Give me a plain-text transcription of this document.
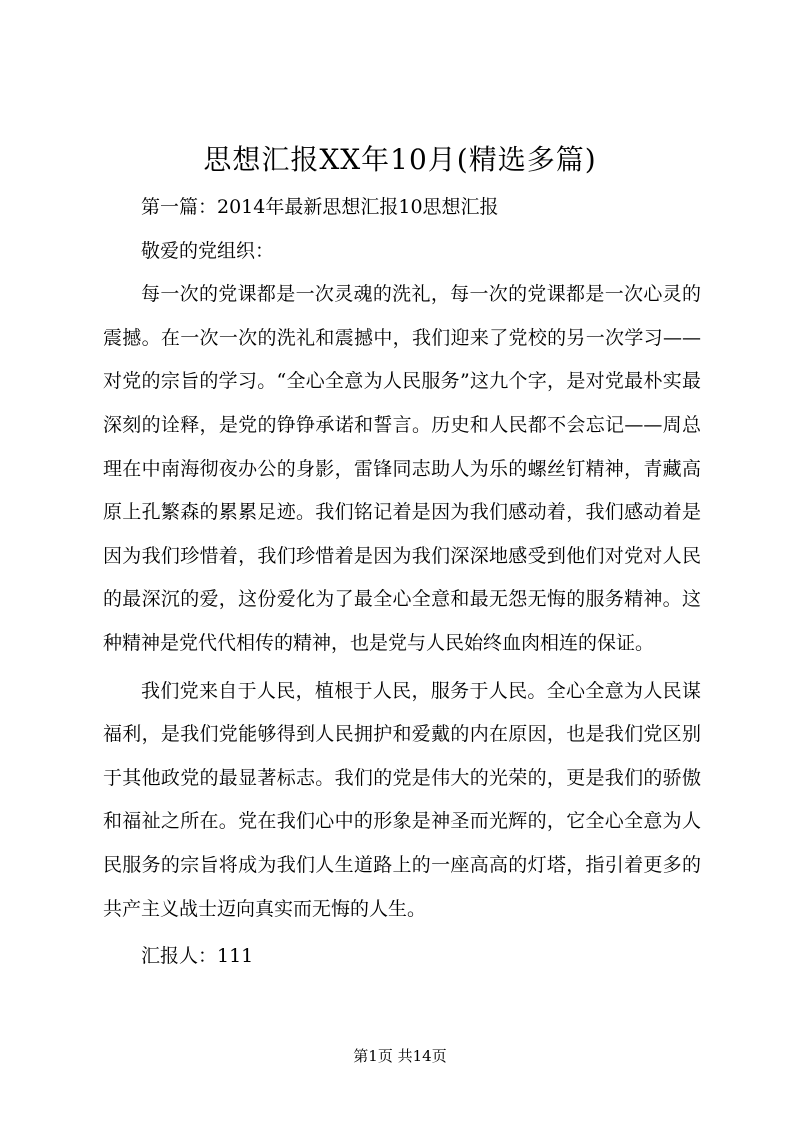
思想汇报XX年10月(精选多篇)

第一篇：2014年最新思想汇报10思想汇报

敬爱的党组织：

每一次的党课都是一次灵魂的洗礼，每一次的党课都是一次心灵的震撼。在一次一次的洗礼和震撼中，我们迎来了党校的另一次学习——对党的宗旨的学习。“全心全意为人民服务”这九个字，是对党最朴实最深刻的诠释，是党的铮铮承诺和誓言。历史和人民都不会忘记——周总理在中南海彻夜办公的身影，雷锋同志助人为乐的螺丝钉精神，青藏高原上孔繁森的累累足迹。我们铭记着是因为我们感动着，我们感动着是因为我们珍惜着，我们珍惜着是因为我们深深地感受到他们对党对人民的最深沉的爱，这份爱化为了最全心全意和最无怨无悔的服务精神。这种精神是党代代相传的精神，也是党与人民始终血肉相连的保证。

我们党来自于人民，植根于人民，服务于人民。全心全意为人民谋福利，是我们党能够得到人民拥护和爱戴的内在原因，也是我们党区别于其他政党的最显著标志。我们的党是伟大的光荣的，更是我们的骄傲和福祉之所在。党在我们心中的形象是神圣而光辉的，它全心全意为人民服务的宗旨将成为我们人生道路上的一座高高的灯塔，指引着更多的共产主义战士迈向真实而无悔的人生。

汇报人：111

第1页 共14页
